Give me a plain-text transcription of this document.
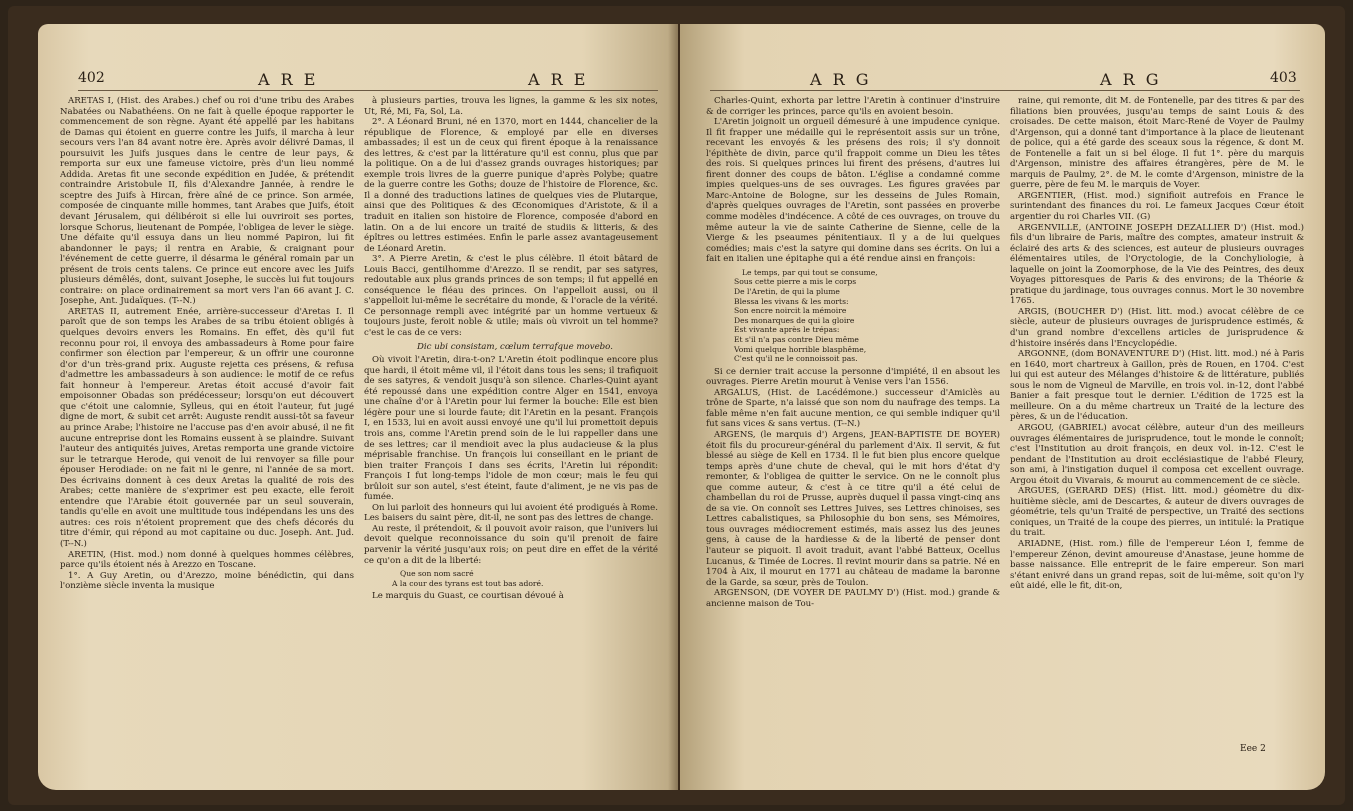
402	A R E	A R E

ARETAS I, (Hist. des Arabes.) chef ou roi d'une tribu des Arabes Nabatées ou Nabathéens. On ne fait à quelle époque rapporter le commencement de son règne. Ayant été appellé par les habitans de Damas qui étoient en guerre contre les Juifs, il marcha à leur secours vers l'an 84 avant notre ère. Après avoir délivré Damas, il poursuivit les Juifs jusques dans le centre de leur pays, & remporta sur eux une fameuse victoire, près d'un lieu nommé Addida. Aretas fit une seconde expédition en Judée, & prétendit contraindre Aristobule II, fils d'Alexandre Jannée, à rendre le sceptre des Juifs à Hircan, frère aîné de ce prince. Son armée, composée de cinquante mille hommes, tant Arabes que Juifs, étoit devant Jérusalem, qui délibéroit si elle lui ouvriroit ses portes, lorsque Schorus, lieutenant de Pompée, l'obligea de lever le siège. Une défaite qu'il essuya dans un lieu nommé Papiron, lui fit abandonner le pays; il rentra en Arabie, & craignant pour l'événement de cette guerre, il désarma le général romain par un présent de trois cents talens. Ce prince eut encore avec les Juifs plusieurs démêlés, dont, suivant Josephe, le succès lui fut toujours contraire: on place ordinairement sa mort vers l'an 66 avant J. C. Josephe, Ant. Judaïques. (T--N.)

ARETAS II, autrement Enée, arrière-successeur d'Aretas I. Il paroît que de son temps les Arabes de sa tribu étoient obligés à quelques devoirs envers les Romains. En effet, dès qu'il fut reconnu pour roi, il envoya des ambassadeurs à Rome pour faire confirmer son élection par l'empereur, & un offrir une couronne d'or d'un très-grand prix. Auguste rejetta ces présens, & refusa d'admettre les ambassadeurs à son audience: le motif de ce refus fait honneur à l'empereur. Aretas étoit accusé d'avoir fait empoisonner Obadas son prédécesseur; lorsqu'on eut découvert que c'étoit une calomnie, Sylleus, qui en étoit l'auteur, fut jugé digne de mort, & subit cet arrêt: Auguste rendit aussi-tôt sa faveur au prince Arabe; l'histoire ne l'accuse pas d'en avoir abusé, il ne fit aucune entreprise dont les Romains eussent à se plaindre. Suivant l'auteur des antiquités juives, Aretas remporta une grande victoire sur le tetrarque Herode, qui venoit de lui renvoyer sa fille pour épouser Herodiade: on ne fait ni le genre, ni l'année de sa mort. Des écrivains donnent à ces deux Aretas la qualité de rois des Arabes; cette manière de s'exprimer est peu exacte, elle feroit entendre que l'Arabie étoit gouvernée par un seul souverain, tandis qu'elle en avoit une multitude tous indépendans les uns des autres: ces rois n'étoient proprement que des chefs décorés du titre d'émir, qui répond au mot capitaine ou duc. Joseph. Ant. Jud. (T--N.)

ARETIN, (Hist. mod.) nom donné à quelques hommes célèbres, parce qu'ils étoient nés à Arezzo en Toscane.

1°. A Guy Aretin, ou d'Arezzo, moine bénédictin, qui dans l'onzième siècle inventa la musique

à plusieurs parties, trouva les lignes, la gamme & les six notes, Ut, Ré, Mi, Fa, Sol, La.

2°. A Léonard Bruni, né en 1370, mort en 1444, chancelier de la république de Florence, & employé par elle en diverses ambassades; il est un de ceux qui firent époque à la renaissance des lettres, & c'est par la littérature qu'il est connu, plus que par la politique. On a de lui d'assez grands ouvrages historiques; par exemple trois livres de la guerre punique d'après Polybe; quatre de la guerre contre les Goths; douze de l'histoire de Florence, &c. Il a donné des traductions latines de quelques vies de Plutarque, ainsi que des Politiques & des Œconomiques d'Aristote, & il a traduit en italien son histoire de Florence, composée d'abord en latin. On a de lui encore un traité de studiis & litteris, & des épîtres ou lettres estimées. Enfin le parle assez avantageusement de Léonard Aretin.

3°. A Pierre Aretin, & c'est le plus célèbre. Il étoit bâtard de Louis Bacci, gentilhomme d'Arezzo. Il se rendit, par ses satyres, redoutable aux plus grands princes de son temps; il fut appellé en conséquence le fléau des princes. On l'appelloit aussi, ou il s'appelloit lui-même le secrétaire du monde, & l'oracle de la vérité. Ce personnage rempli avec intégrité par un homme vertueux & toujours juste, feroit noble & utile; mais où vivroit un tel homme? c'est le cas de ce vers:

Dic ubi consistam, cœlum terrafque movebo.

Où vivoit l'Aretin, dira-t-on? L'Aretin étoit podlinque encore plus que hardi, il étoit même vil, il l'étoit dans tous les sens; il trafiquoit de ses satyres, & vendoit jusqu'à son silence. Charles-Quint ayant été repoussé dans une expédition contre Alger en 1541, envoya une chaîne d'or à l'Aretin pour lui fermer la bouche: Elle est bien légère pour une si lourde faute; dit l'Aretin en la pesant. François I, en 1533, lui en avoit aussi envoyé une qu'il lui promettoit depuis trois ans, comme l'Aretin prend soin de le lui rappeller dans une de ses lettres; car il mendioit avec la plus audacieuse & la plus méprisable franchise. Un françois lui conseillant en le priant de bien traiter François I dans ses écrits, l'Aretin lui répondit: François I fut long-temps l'idole de mon cœur; mais le feu qui brûloit sur son autel, s'est éteint, faute d'aliment, je ne vis pas de fumée.

On lui parloit des honneurs qui lui avoient été prodigués à Rome. Les baisers du saint père, dit-il, ne sont pas des lettres de change.

Au reste, il prétendoit, & il pouvoit avoir raison, que l'univers lui devoit quelque reconnoissance du soin qu'il prenoit de faire parvenir la vérité jusqu'aux rois; on peut dire en effet de la vérité ce qu'on a dit de la liberté:

Que son nom sacré
A la cour des tyrans est tout bas adoré.

Le marquis du Guast, ce courtisan dévoué à

A R G	A R G	403

Charles-Quint, exhorta par lettre l'Aretin à continuer d'instruire & de corriger les princes, parce qu'ils en avoient besoin.

L'Aretin joignoit un orgueil démesuré à une impudence cynique. Il fit frapper une médaille qui le représentoit assis sur un trône, recevant les envoyés & les présens des rois; il s'y donnoit l'épithète de divin, parce qu'il frappoit comme un Dieu les têtes des rois. Si quelques princes lui firent des présens, d'autres lui firent donner des coups de bâton. L'église a condamné comme impies quelques-uns de ses ouvrages. Les figures gravées par Marc-Antoine de Bologne, sur les desseins de Jules Romain, d'après quelques ouvrages de l'Aretin, sont passées en proverbe comme modèles d'indécence. A côté de ces ouvrages, on trouve du même auteur la vie de sainte Catherine de Sienne, celle de la Vierge & les pseaumes pénitentiaux. Il y a de lui quelques comédies; mais c'est la satyre qui domine dans ses écrits. On lui a fait en italien une épitaphe qui a été rendue ainsi en françois:

Le temps, par qui tout se consume,
Sous cette pierre a mis le corps
De l'Aretin, de qui la plume
Blessa les vivans & les morts:
Son encre noircit la mémoire
Des monarques de qui la gloire
Est vivante après le trépas:
Et s'il n'a pas contre Dieu même
Vomi quelque horrible blasphême,
C'est qu'il ne le connoissoit pas.

Si ce dernier trait accuse la personne d'impiété, il en absout les ouvrages. Pierre Aretin mourut à Venise vers l'an 1556.

ARGALUS, (Hist. de Lacédémone.) successeur d'Amiclès au trône de Sparte, n'a laissé que son nom du naufrage des temps. La fable même n'en fait aucune mention, ce qui semble indiquer qu'il fut sans vices & sans vertus. (T--N.)

ARGENS, (le marquis d') Argens, JEAN-BAPTISTE DE BOYER) étoit fils du procureur-général du parlement d'Aix. Il servit, & fut blessé au siège de Kell en 1734. Il le fut bien plus encore quelque temps après d'une chute de cheval, qui le mit hors d'état d'y remonter, & l'obligea de quitter le service. On ne le connoît plus que comme auteur, & c'est à ce titre qu'il a été celui de chambellan du roi de Prusse, auprès duquel il passa vingt-cinq ans de sa vie. On connoît ses Lettres Juives, ses Lettres chinoises, ses Lettres cabalistiques, sa Philosophie du bon sens, ses Mémoires, tous ouvrages médiocrement estimés, mais assez lus des jeunes gens, à cause de la hardiesse & de la liberté de penser dont l'auteur se piquoit. Il avoit traduit, avant l'abbé Batteux, Ocellus Lucanus, & Timée de Locres. Il revint mourir dans sa patrie. Né en 1704 à Aix, il mourut en 1771 au château de madame la baronne de la Garde, sa sœur, près de Toulon.

ARGENSON, (DE VOYER DE PAULMY D') (Hist. mod.) grande & ancienne maison de Tou-

raine, qui remonte, dit M. de Fontenelle, par des titres & par des filiations bien prouvées, jusqu'au temps de saint Louis & des croisades. De cette maison, étoit Marc-René de Voyer de Paulmy d'Argenson, qui a donné tant d'importance à la place de lieutenant de police, qui a été garde des sceaux sous la régence, & dont M. de Fontenelle a fait un si bel éloge. Il fut 1°. père du marquis d'Argenson, ministre des affaires étrangères, père de M. le marquis de Paulmy, 2°. de M. le comte d'Argenson, ministre de la guerre, père de feu M. le marquis de Voyer.

ARGENTIER, (Hist. mod.) signifioit autrefois en France le surintendant des finances du roi. Le fameux Jacques Cœur étoit argentier du roi Charles VII. (G)

ARGENVILLE, (ANTOINE JOSEPH DEZALLIER D') (Hist. mod.) fils d'un libraire de Paris, maître des comptes, amateur instruit & éclairé des arts & des sciences, est auteur de plusieurs ouvrages élémentaires utiles, de l'Oryctologie, de la Conchyliologie, à laquelle on joint la Zoomorphose, de la Vie des Peintres, des deux Voyages pittoresques de Paris & des environs; de la Théorie & pratique du jardinage, tous ouvrages connus. Mort le 30 novembre 1765.

ARGIS, (BOUCHER D') (Hist. litt. mod.) avocat célèbre de ce siècle, auteur de plusieurs ouvrages de jurisprudence estimés, & d'un grand nombre d'excellens articles de jurisprudence & d'histoire insérés dans l'Encyclopédie.

ARGONNE, (dom BONAVENTURE D') (Hist. litt. mod.) né à Paris en 1640, mort chartreux à Gaillon, près de Rouen, en 1704. C'est lui qui est auteur des Mélanges d'histoire & de littérature, publiés sous le nom de Vigneul de Marville, en trois vol. in-12, dont l'abbé Banier a fait presque tout le dernier. L'édition de 1725 est la meilleure. On a du même chartreux un Traité de la lecture des pères, & un de l'éducation.

ARGOU, (GABRIEL) avocat célèbre, auteur d'un des meilleurs ouvrages élémentaires de jurisprudence, tout le monde le connoît; c'est l'Institution au droit françois, en deux vol. in-12. C'est le pendant de l'Institution au droit ecclésiastique de l'abbé Fleury, son ami, à l'instigation duquel il composa cet excellent ouvrage. Argou étoit du Vivarais, & mourut au commencement de ce siècle.

ARGUES, (GERARD DES) (Hist. litt. mod.) géomètre du dix-huitième siècle, ami de Descartes, & auteur de divers ouvrages de géométrie, tels qu'un Traité de perspective, un Traité des sections coniques, un Traité de la coupe des pierres, un intitulé: la Pratique du trait.

ARIADNE, (Hist. rom.) fille de l'empereur Léon I, femme de l'empereur Zénon, devint amoureuse d'Anastase, jeune homme de basse naissance. Elle entreprit de le faire empereur. Son mari s'étant enivré dans un grand repas, soit de lui-même, soit qu'on l'y eût aidé, elle le fit, dit-on,

Eee 2
